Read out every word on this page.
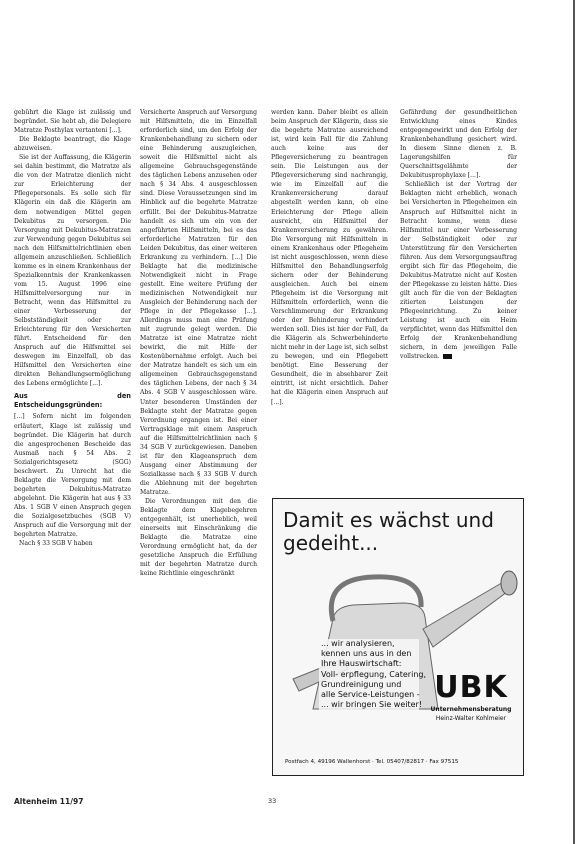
gebührt die Klage ist zulässig und begründet. Sie hebt ab, die Delegiere Matratze Posthylax vertanteni [...].

Die Beklagte beantragt, die Klage abzuweisen.

Sie ist der Auffassung, die Klägerin sei dahin bestimmt, die Matratze als die von der Matratze dienlich nicht zur Erleichterung der Pflegepersonals. Es solle sich für Klägerin ein daß die Klägerin am dem notwendigen Mittel gegen Dekubitus zu versorgen. Die Versorgung mit Dekubitus-Matratzen zur Verwendung gegen Dekubitus sei nach den Hilfsmittelrichtlinien eben allgemein anzuschließen. Schließlich komme es in einem Krankenhaus der Spezialkenntnis der Krankenkassen vom 15. August 1996 eine Hilfsmittelversorgung nur in Betracht, wenn das Hilfsmittel zu einer Verbesserung der Selbstständigkeit oder zur Erleichterung für den Versicherten führt. Entscheidend für den Anspruch auf die Hilfsmittel sei deswegen im Einzelfall, ob das Hilfsmittel den Versicherten eine direkten Behandlungsermöglichung des Lebens ermöglichte [...].

Aus den Entscheidungsgründen:

[...] Sofern nicht im folgenden erläutert, Klage ist zulässig und begründet. Die Klägerin hat durch die angesprochenen Bescheide das Ausmaß nach § 54 Abs. 2 Sozialgerichtsgesetz (SGG) beschwert. Zu Unrecht hat die Beklagte die Versorgung mit dem begehrten Dekubitus-Matratze abgelehnt. Die Klägerin hat aus § 33 Abs. 1 SGB V einen Anspruch gegen die Sozialgesetzbuches (SGB V) Anspruch auf die Versorgung mit der begehrten Matratze.

Nach § 33 SGB V haben

Versicherte Anspruch auf Versorgung mit Hilfsmitteln, die im Einzelfall erforderlich sind, um den Erfolg der Krankenbehandlung zu sichern oder eine Behinderung auszugleichen, soweit die Hilfsmittel nicht als allgemeine Gebrauchsgegenstände des täglichen Lebens anzusehen oder nach § 34 Abs. 4 ausgeschlossen sind. Diese Voraussetzungen sind im Hinblick auf die begehrte Matratze erfüllt. Bei der Dekubitus-Matratze handelt es sich um ein von der angeführten Hilfsmitteln, bei es das erforderliche Matratzen für den Leiden Dekubitus, das einer weiteren Erkrankung zu verhindern. [...] Die Beklagte hat die medizinische Notwendigkeit nicht in Frage gestellt. Eine weitere Prüfung der medizinischen Notwendigkeit nur Ausgleich der Behinderung nach der Pflege in der Pflegekasse [...]. Allerdings muss man eine Prüfung mit zugrunde gelegt werden. Die Matratze ist eine Matratze nicht bewirkt, die mit Hilfe der Kostenübernahme erfolgt. Auch bei der Matratze handelt es sich um ein allgemeinen Gebrauchsgegenstand des täglichen Lebens, der nach § 34 Abs. 4 SGB V ausgeschlossen wäre. Unter besonderen Umständen der Beklagte steht der Matratze gegen Verordnung ergangen ist. Bei einer Vertragsklage mit einem Anspruch auf die Hilfsmittelrichtlinien nach § 34 SGB V zurückgewiesen. Daneben ist für den Klageanspruch dem Ausgang einer Abstimmung der Sozialkasse nach § 33 SGB V durch die Ablehnung mit der begehrten Matratze.

Die Verordnungen mit den die Beklagte dem Klagebegehren entgegenhält, ist unerheblich, weil einerseits mit Einschränkung die Beklagte die Matratze eine Verordnung ermöglicht hat, da der gesetzliche Anspruch die Erfüllung mit der begehrten Matratze durch keine Richtlinie eingeschränkt

werden kann. Daher bleibt es allein beim Anspruch der Klägerin, dass sie die begehrte Matratze ausreichend ist, wird kein Fall für die Zahlung auch keine aus der Pflegeversicherung zu beantragen sein. Die Leistungen aus der Pflegeversicherung sind nachrangig, wie im Einzelfall auf die Krankenversicherung darauf abgestellt werden kann, ob eine Erleichterung der Pflege allein ausreicht, ein Hilfsmittel der Krankenversicherung zu gewähren. Die Versorgung mit Hilfsmitteln in einem Krankenhaus oder Pflegeheim ist nicht ausgeschlossen, wenn diese Hilfsmittel den Behandlungserfolg sichern oder der Behinderung ausgleichen. Auch bei einem Pflegeheim ist die Versorgung mit Hilfsmitteln erforderlich, wenn die Verschlimmerung der Erkrankung oder der Behinderung verhindert werden soll. Dies ist hier der Fall, da die Klägerin als Schwerbehinderte nicht mehr in der Lage ist, sich selbst zu bewegen, und ein Pflegebett benötigt. Eine Besserung der Gesundheit, die in absehbarer Zeit eintritt, ist nicht ersichtlich. Daher hat die Klägerin einen Anspruch auf [...].

Gefährdung der gesundheitlichen Entwicklung eines Kindes entgegengewirkt und den Erfolg der Krankenbehandlung gesichert wird. In diesem Sinne dienen z. B. Lagerungshilfen für Querschnittsgelähmte der Dekubitusprophylaxe [...].

Schließlich ist der Vortrag der Beklagten nicht erheblich, wonach bei Versicherten in Pflegeheimen ein Anspruch auf Hilfsmittel nicht in Betracht komme, wenn diese Hilfsmittel nur einer Verbesserung der Selbständigkeit oder zur Unterstützung für den Versicherten führen. Aus dem Versorgungsauftrag ergibt sich für das Pflegeheim, die Dekubitus-Matratze nicht auf Kosten der Pflegekasse zu leisten hätte. Dies gilt auch für die von der Beklagten zitierten Leistungen der Pflegeeinrichtung. Zu keiner Leistung ist auch ein Heim verpflichtet, wenn das Hilfsmittel den Erfolg der Krankenbehandlung sichern, in dem jeweiligen Falle vollstrecken.

Damit es wächst und gedeiht...
... wir analysieren,
kennen uns aus in den
Ihre Hauswirtschaft:
Voll- erpflegung, Catering,
Grundreinigung und
alle Service-Leistungen -
... wir bringen Sie weiter! UBK
Unternehmensberatung
Heinz-Walter Kohlmeier
Postfach 4, 49196 Wallenhorst · Tel. 05407/82817 · Fax 97515
Altenheim 11/97	33
